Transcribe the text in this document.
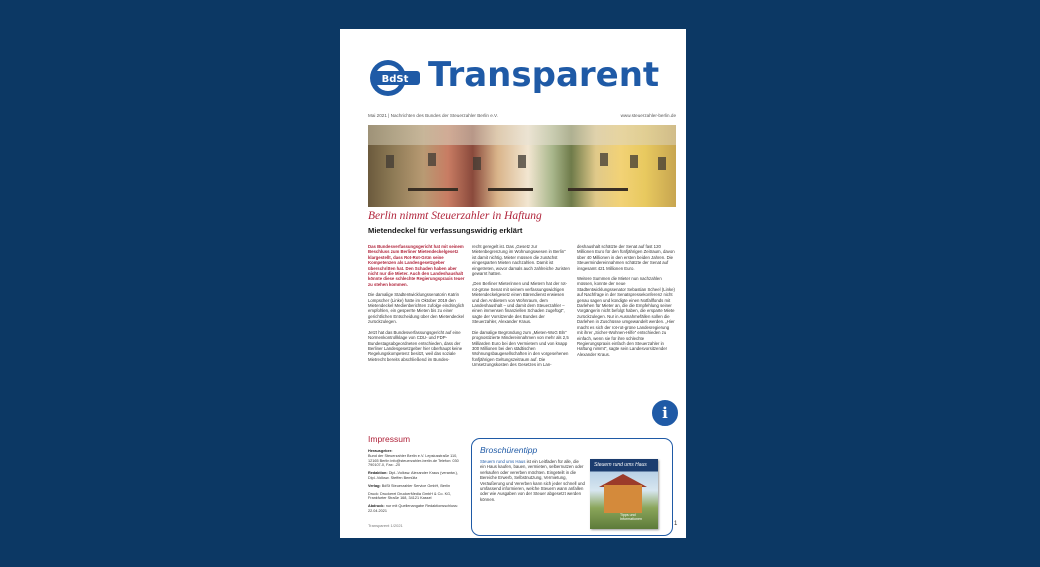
BdSt Transparent
Mai 2021 | Nachrichten des Bundes der Steuerzahler Berlin e.V.	www.steuerzahler-berlin.de
Berlin nimmt Steuerzahler in Haftung
Mietendeckel für verfassungswidrig erklärt

Das Bundesverfassungsgericht hat mit seinem Beschluss zum Berliner Mietendeckelgesetz klargestellt, dass Rot-Rot-Grün seine Kompetenzen als Landesgesetzgeber überschritten hat. Den Schaden haben aber nicht nur die Mieter. Auch den Landeshaushalt könnte diese schlechte Regierungspraxis teuer zu stehen kommen.

Die damalige Stadtentwicklungssenatorin Katrin Lompscher (Linke) hatte im Oktober 2019 den Mietendeckel Medienberichten zufolge eindringlich empfohlen, ein gesperrte Mieten bis zu einer gerichtlichen Entscheidung über den Mietendeckel zurückzulegen.

Jetzt hat das Bundesverfassungsgericht auf eine Normenkontrollklage von CDU- und FDP-Bundestagsabgeordneten entschieden, dass der Berliner Landesgesetzgeber hier überhaupt keine Regelungskompetenz besitzt, weil das soziale Mietrecht bereits abschließend im Bundes-

recht geregelt ist. Das „Gesetz zur Mietenbegrenzung im Wohnungswesen in Berlin“ ist damit nichtig. Mieter müssen die zunächst eingesparten Mieten nachzahlen. Damit ist eingetreten, wovor damals auch zahlreiche Juristen gewarnt hatten.

„Den Berliner Mieterinnen und Mietern hat der rot-rot-grüne Senat mit seinem verfassungswidrigen Mietendeckelgesetz einen Bärendienst erwiesen und den Anbietern von Wohnraum, dem Landeshaushalt – und damit dem Steuerzahler – einen immensen finanziellen Schaden zugefügt“, sagte der Vorsitzende des Bundes der Steuerzahler, Alexander Kraus.

Die damalige Begründung zum „Mieten-WoG Bln“ prognostizierte Mindereinnahmen von mehr als 2,5 Milliarden Euro bei den Vermietern und von knapp 300 Millionen bei den städtischen Wohnungsbaugesellschaften in den vorgesehenen fünfjährigen Geltungszeitraum auf. Die Umsetzungskosten des Gesetzes im Lan-

deshaushalt schätzte der Senat auf fast 120 Millionen Euro für den fünfjährigen Zeitraum, davon über 40 Millionen in den ersten beiden Jahren. Die Steuermindereinnahmen schätzte der Senat auf insgesamt 421 Millionen Euro.

Weitere Summen die Mieter nun nachzahlen müssen, konnte der neue Stadtentwicklungssenator Sebastian Scheel (Linke) auf Nachfrage in der Senatspressekonferenz nicht genau sagen und kündigte einen Notfallfonds mit Darlehen für Mieter an, die die Empfehlung seiner Vorgängerin nicht befolgt haben, die ersparte Miete zurückzulegen. Nur in Ausnahmefällen sollen die Darlehen in Zuschüsse umgewandelt werden. „Hier macht es sich der rot-rot-grüne Landesregierung mit ihrer „Sicher-Wohnen-Hilfe“ entschieden zu einfach, wenn sie für ihre schlechte Regierungspraxis einfach den Steuerzahler in Haftung nimmt“, sagte sein Landesvorsitzender Alexander Kraus.

Impressum

Herausgeber:
Bund der Steuerzahler Berlin e.V. Lepsiusstraße 110, 12165 Berlin info@steuerzahler-berlin.de Telefon: 030 790107-0, Fax: -20

Redaktion: Dipl.-Volksw. Alexander Kraus (verantw.), Dipl.-Volksw. Steffen Bemültz

Verlag: BdSt Steuerzahler Service GmbH, Berlin

Druck: Druckerei DruckerMedia GmbH & Co. KG, Frankfurter Straße 168, 34121 Kassel

Abdruck: nur mit Quellenangabe Redaktionsschluss: 22.04.2021

Broschürentipp
Steuern rund ums Haus ist ein Leitfaden für alle, die ein Haus kaufen, bauen, vermieten, selbernutzen oder verkaufen oder vererben möchten. Eingeteilt in die Bereiche Erwerb, Selbstnutzung, Vermietung, Veräußerung und Vererben kann sich jeder schnell und umfassend informieren, welche Steuern wann anfallen oder wie Ausgaben von der Steuer abgesetzt werden können.
Steuern rund ums Haus
Tipps und Informationen
i
Transparent 1/2021	1
